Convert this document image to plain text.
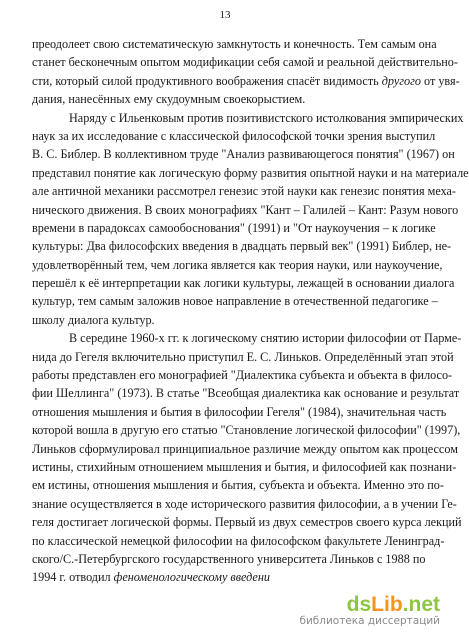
13
преодолеет свою систематическую замкнутость и конечность. Тем самым она
станет бесконечным опытом модификации себя самой и реальной действительно-
сти, который силой продуктивного воображения спасёт видимость другого от увя-
дания, нанесённых ему скудоумным своекорыстием.
Наряду с Ильенковым против позитивистского истолкования эмпирических
наук за их исследование с классической философской точки зрения выступил
В. С. Библер. В коллективном труде "Анализ развивающегося понятия" (1967) он
представил понятие как логическую форму развития опытной науки и на материале
але античной механики рассмотрел генезис этой науки как генезис понятия меха-
нического движения. В своих монографиях "Кант – Галилей – Кант: Разум нового
времени в парадоксах самообоснования" (1991) и "От наукоучения – к логике
культуры: Два философских введения в двадцать первый век" (1991) Библер, не-
удовлетворённый тем, чем логика является как теория науки, или наукоучение,
перешёл к её интерпретации как логики культуры, лежащей в основании диалога
культур, тем самым заложив новое направление в отечественной педагогике –
школу диалога культур.
В середине 1960-х гг. к логическому снятию истории философии от Парме-
нида до Гегеля включительно приступил Е. С. Линьков. Определённый этап этой
работы представлен его монографией "Диалектика субъекта и объекта в филосо-
фии Шеллинга" (1973). В статье "Всеобщая диалектика как основание и результат
отношения мышления и бытия в философии Гегеля" (1984), значительная часть
которой вошла в другую его статью "Становление логической философии" (1997),
Линьков сформулировал принципиальное различие между опытом как процессом
истины, стихийным отношением мышления и бытия, и философией как познани-
ем истины, отношения мышления и бытия, субъекта и объекта. Именно это по-
знание осуществляется в ходе исторического развития философии, а в учении Ге-
геля достигает логической формы. Первый из двух семестров своего курса лекций
по классической немецкой философии на философском факультете Ленинград-
ского/С.-Петербургского государственного университета Линьков с 1988 по
1994 г. отводил феноменологическому введени
dsLib.net
библиотека диссертаций
